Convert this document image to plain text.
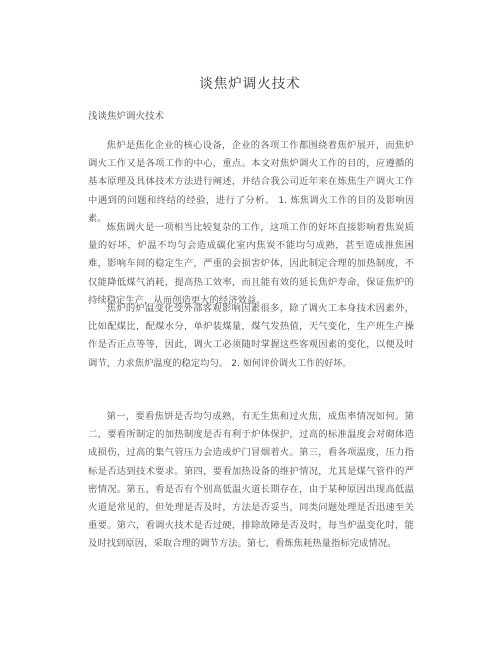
谈焦炉调火技术

浅谈焦炉调火技术

焦炉是焦化企业的核心设备，企业的各项工作都围绕着焦炉展开，而焦炉调火工作又是各项工作的中心，重点。本文对焦炉调火工作的目的，应遵循的基本原理及具体技术方法进行阐述，并结合我公司近年来在炼焦生产调火工作中遇到的问题和终结的经验，进行了分析。 1. 炼焦调火工作的目的及影响因素。

炼焦调火是一项相当比较复杂的工作，这项工作的好坏直接影响着焦炭质量的好坏，炉温不均匀会造成碳化室内焦炭不能均匀成熟，甚至造成推焦困难，影响车间的稳定生产，严重的会损害炉体，因此制定合理的加热制度，不仅能降低煤气消耗，提高热工效率，而且能有效的延长焦炉寿命，保证焦炉的持续稳定生产，从而创造更大的经济效益。

焦炉的炉温变化受外部客观影响因素很多，除了调火工本身技术因素外，比如配煤比，配煤水分，单炉装煤量，煤气发热值，天气变化，生产班生产操作是否正点等等，因此，调火工必须随时掌握这些客观因素的变化，以便及时调节，力求焦炉温度的稳定均匀。 2. 如何评价调火工作的好坏。

第一，要看焦饼是否均匀成熟，有无生焦和过火焦，成焦率情况如何。第二，要看所制定的加热制度是否有利于炉体保护，过高的标准温度会对砌体造成损伤，过高的集气管压力会造成炉门冒烟着火。第三，看各项温度，压力指标是否达到技术要求。第四，要看加热设备的维护情况，尤其是煤气管件的严密情况。第五，看是否有个别高低温火道长期存在，由于某种原因出现高低温火道是常见的，但处理是否及时，方法是否妥当，同类问题处理是否迅速至关重要。第六，看调火技术是否过硬，排除故障是否及时，每当炉温变化时，能及时找到原因，采取合理的调节方法。第七，看炼焦耗热量指标完成情况。
